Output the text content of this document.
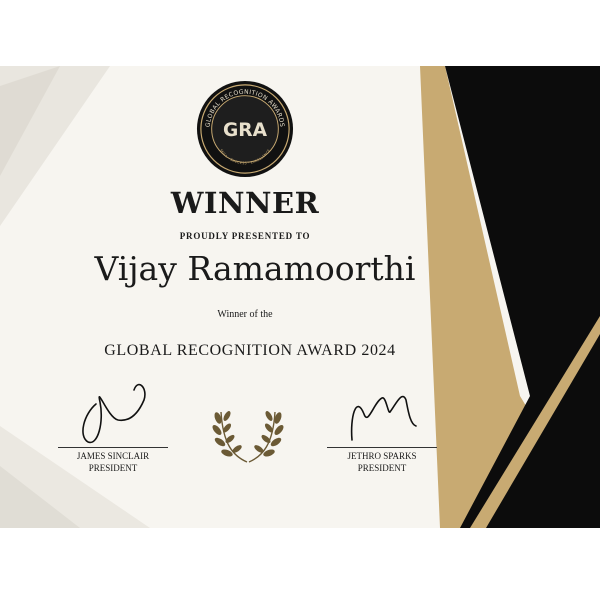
GLOBAL RECOGNITION AWARDS
GRA
SKILL · SUCCESS · EXCELLENCE
WINNER
PROUDLY PRESENTED TO
Vijay Ramamoorthi
Winner of the
GLOBAL RECOGNITION AWARD 2024
JAMES SINCLAIR
PRESIDENT
JETHRO SPARKS
PRESIDENT
